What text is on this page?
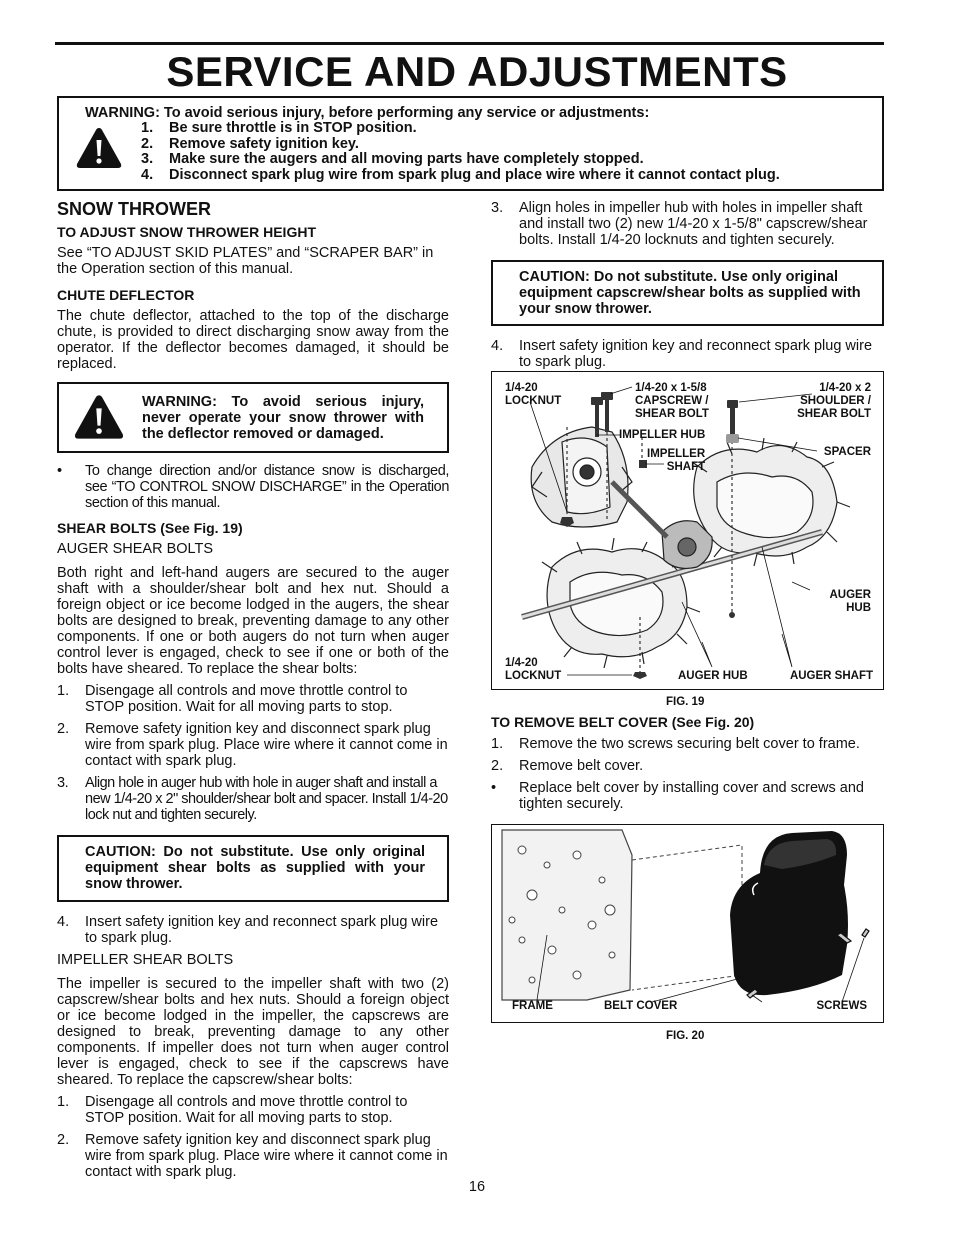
SERVICE AND ADJUSTMENTS
WARNING: To avoid serious injury, before performing any service or adjustments:
1. Be sure throttle is in STOP position.
2. Remove safety ignition key.
3. Make sure the augers and all moving parts have completely stopped.
4. Disconnect spark plug wire from spark plug and place wire where it cannot contact plug.
SNOW THROWER
TO ADJUST SNOW THROWER HEIGHT
See “TO ADJUST SKID PLATES” and “SCRAPER BAR” in the Operation section of this manual.
CHUTE DEFLECTOR
The chute deflector, attached to the top of the discharge chute, is provided to direct discharging snow away from the operator. If the deflector becomes damaged, it should be replaced.
WARNING: To avoid serious injury, never operate your snow thrower with the deflector removed or damaged.
• To change direction and/or distance snow is discharged, see “TO CONTROL SNOW DISCHARGE” in the Operation section of this manual.
SHEAR BOLTS (See Fig. 19)
AUGER SHEAR BOLTS
Both right and left-hand augers are secured to the auger shaft with a shoulder/shear bolt and hex nut. Should a foreign object or ice become lodged in the augers, the shear bolts are designed to break, preventing damage to any other components. If one or both augers do not turn when auger control lever is engaged, check to see if one or both of the bolts have sheared. To replace the shear bolts:
1. Disengage all controls and move throttle control to STOP position. Wait for all moving parts to stop.
2. Remove safety ignition key and disconnect spark plug wire from spark plug. Place wire where it cannot come in contact with spark plug.
3. Align hole in auger hub with hole in auger shaft and install a new 1/4-20 x 2" shoulder/shear bolt and spacer. Install 1/4-20 lock nut and tighten securely.
CAUTION: Do not substitute. Use only original equipment shear bolts as supplied with your snow thrower.
4. Insert safety ignition key and reconnect spark plug wire to spark plug.
IMPELLER SHEAR BOLTS
The impeller is secured to the impeller shaft with two (2) capscrew/shear bolts and hex nuts. Should a foreign object or ice become lodged in the impeller, the capscrews are designed to break, preventing damage to any other components. If impeller does not turn when auger control lever is engaged, check to see if the capscrews have sheared. To replace the capscrew/shear bolts:
1. Disengage all controls and move throttle control to STOP position. Wait for all moving parts to stop.
2. Remove safety ignition key and disconnect spark plug wire from spark plug. Place wire where it cannot come in contact with spark plug.
3. Align holes in impeller hub with holes in impeller shaft and install two (2) new 1/4-20 x 1-5/8" capscrew/shear bolts. Install 1/4-20 locknuts and tighten securely.
CAUTION: Do not substitute. Use only original equipment capscrew/shear bolts as supplied with your snow thrower.
4. Insert safety ignition key and reconnect spark plug wire to spark plug.
1/4-20
LOCKNUT
1/4-20 x 1-5/8
CAPSCREW /
SHEAR BOLT
1/4-20 x 2
SHOULDER /
SHEAR BOLT
IMPELLER HUB
IMPELLER
SHAFT
SPACER
AUGER
HUB
1/4-20
LOCKNUT	AUGER HUB	AUGER SHAFT
FIG. 19
TO REMOVE BELT COVER (See Fig. 20)
1. Remove the two screws securing belt cover to frame.
2. Remove belt cover.
• Replace belt cover by installing cover and screws and tighten securely.
FRAME	BELT COVER	SCREWS
FIG. 20
16
